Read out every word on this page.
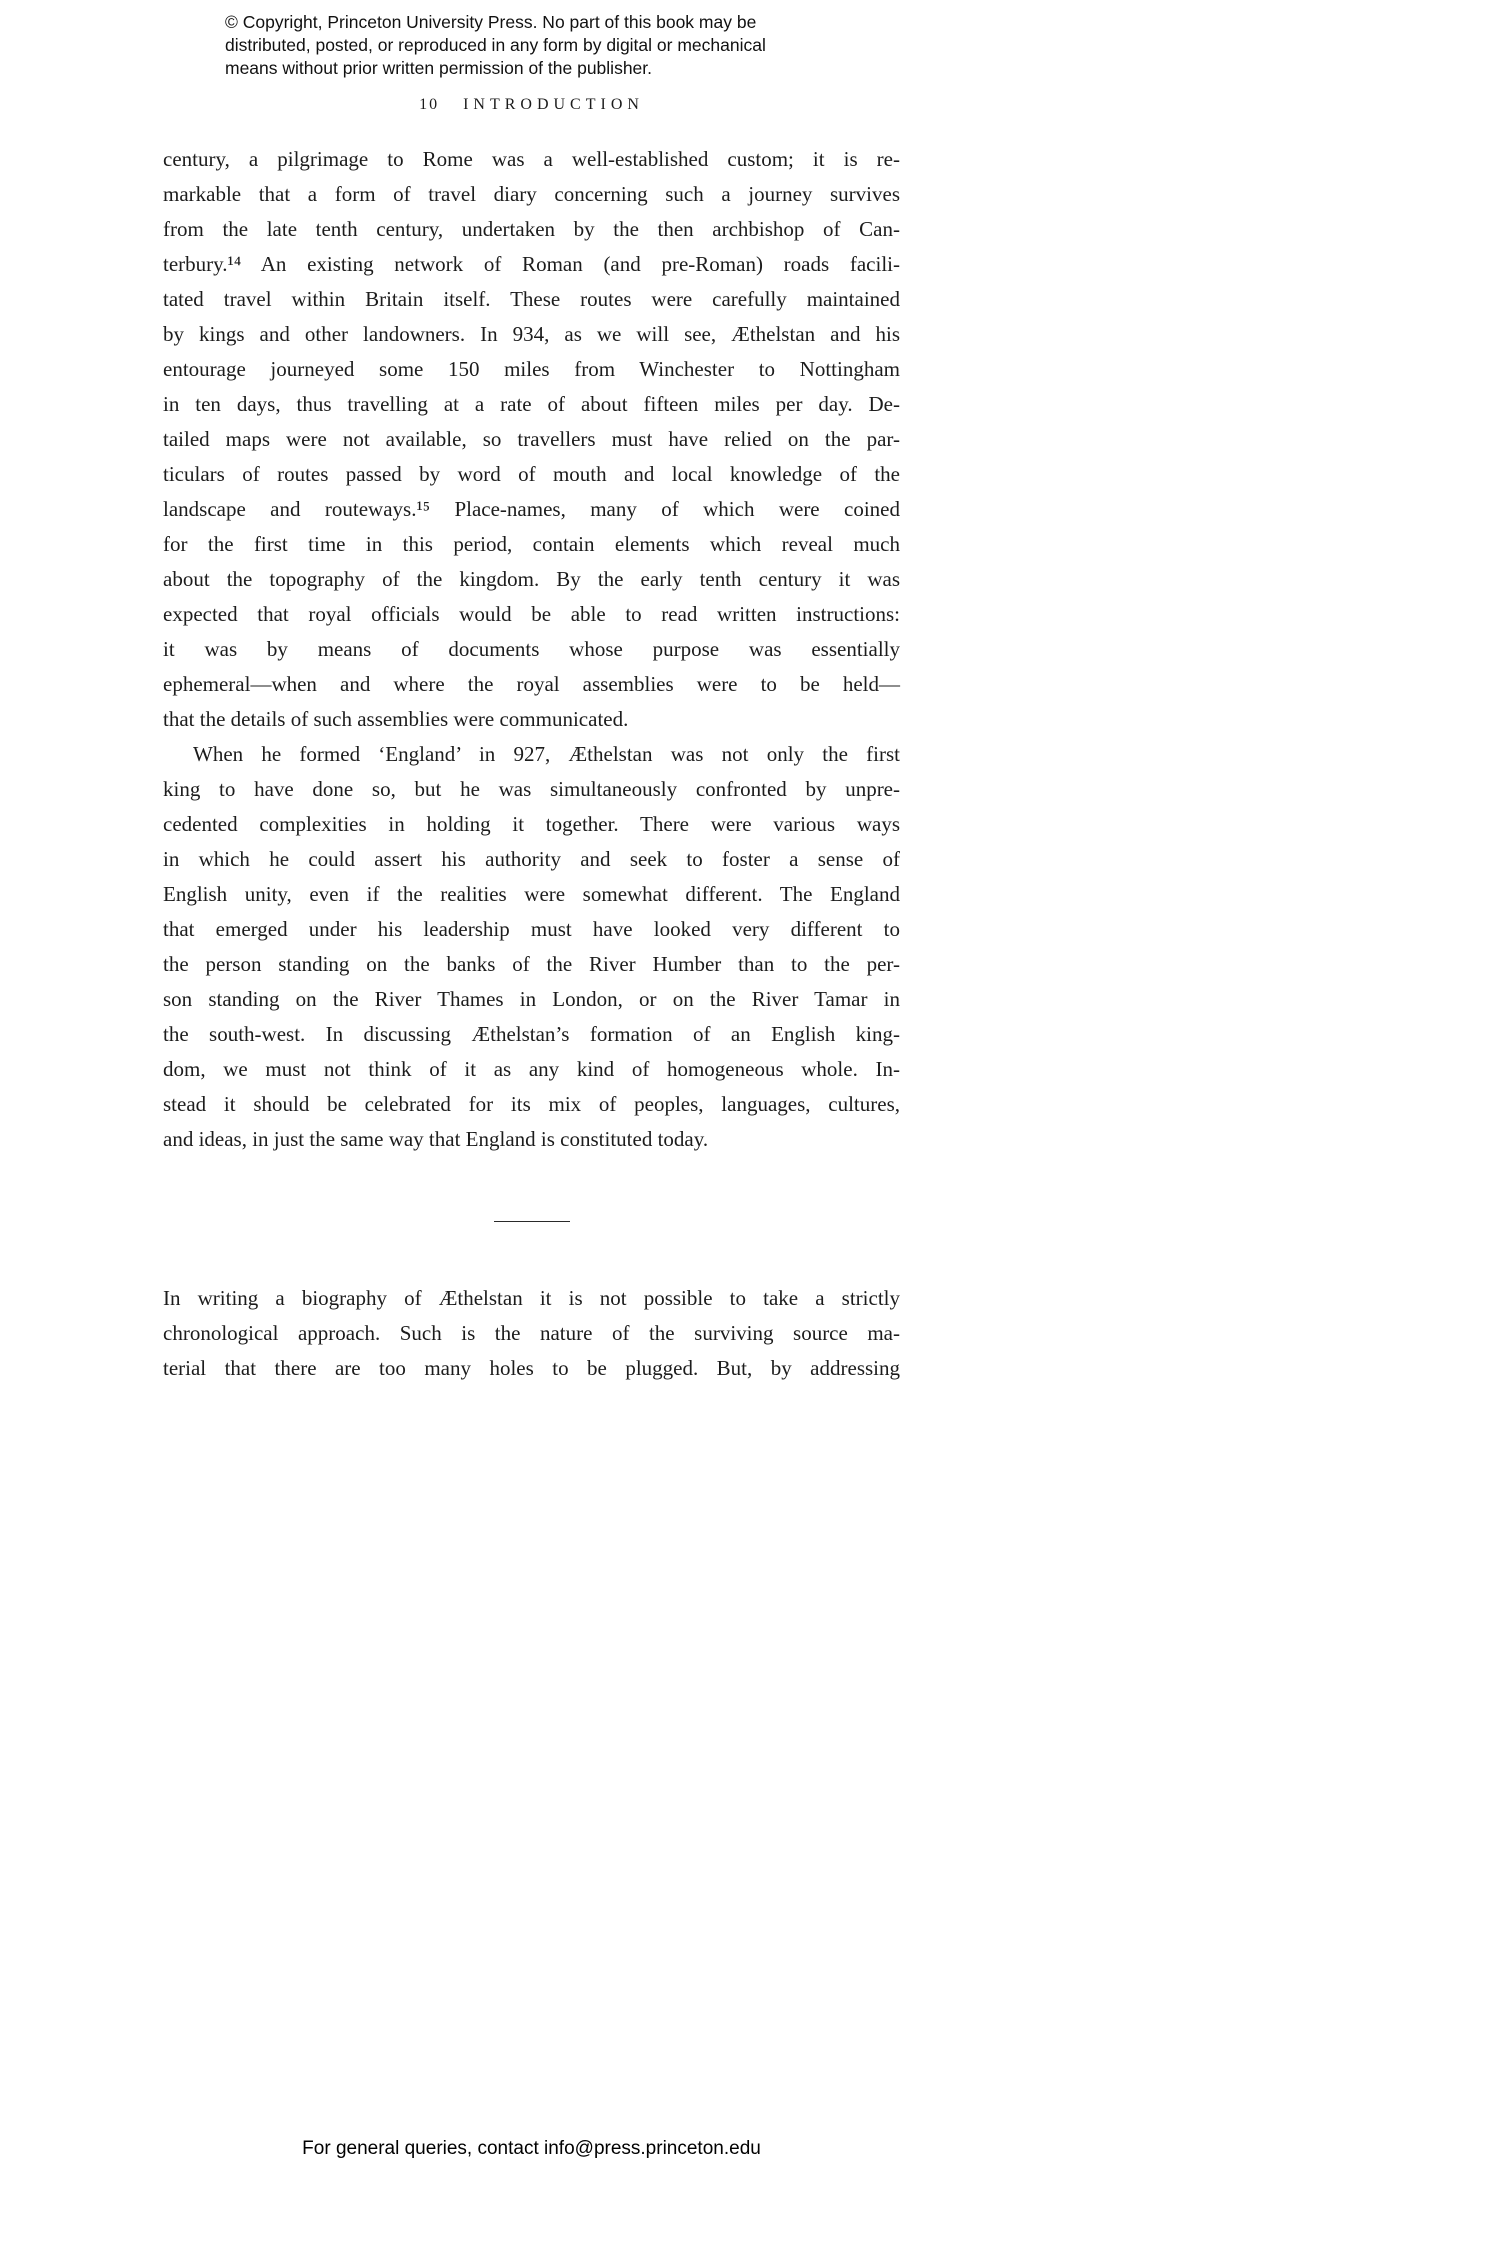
© Copyright, Princeton University Press. No part of this book may be
distributed, posted, or reproduced in any form by digital or mechanical
means without prior written permission of the publisher.
10 INTRODUCTION
century, a pilgrimage to Rome was a well-established custom; it is re-
markable that a form of travel diary concerning such a journey survives
from the late tenth century, undertaken by the then archbishop of Can-
terbury.¹⁴ An existing network of Roman (and pre-Roman) roads facili-
tated travel within Britain itself. These routes were carefully maintained
by kings and other landowners. In 934, as we will see, Æthelstan and his
entourage journeyed some 150 miles from Winchester to Nottingham
in ten days, thus travelling at a rate of about fifteen miles per day. De-
tailed maps were not available, so travellers must have relied on the par-
ticulars of routes passed by word of mouth and local knowledge of the
landscape and routeways.¹⁵ Place-names, many of which were coined
for the first time in this period, contain elements which reveal much
about the topography of the kingdom. By the early tenth century it was
expected that royal officials would be able to read written instructions:
it was by means of documents whose purpose was essentially
ephemeral—when and where the royal assemblies were to be held—
that the details of such assemblies were communicated.
When he formed ‘England’ in 927, Æthelstan was not only the first
king to have done so, but he was simultaneously confronted by unpre-
cedented complexities in holding it together. There were various ways
in which he could assert his authority and seek to foster a sense of
English unity, even if the realities were somewhat different. The England
that emerged under his leadership must have looked very different to
the person standing on the banks of the River Humber than to the per-
son standing on the River Thames in London, or on the River Tamar in
the south-west. In discussing Æthelstan’s formation of an English king-
dom, we must not think of it as any kind of homogeneous whole. In-
stead it should be celebrated for its mix of peoples, languages, cultures,
and ideas, in just the same way that England is constituted today.
In writing a biography of Æthelstan it is not possible to take a strictly
chronological approach. Such is the nature of the surviving source ma-
terial that there are too many holes to be plugged. But, by addressing
For general queries, contact info@press.princeton.edu
